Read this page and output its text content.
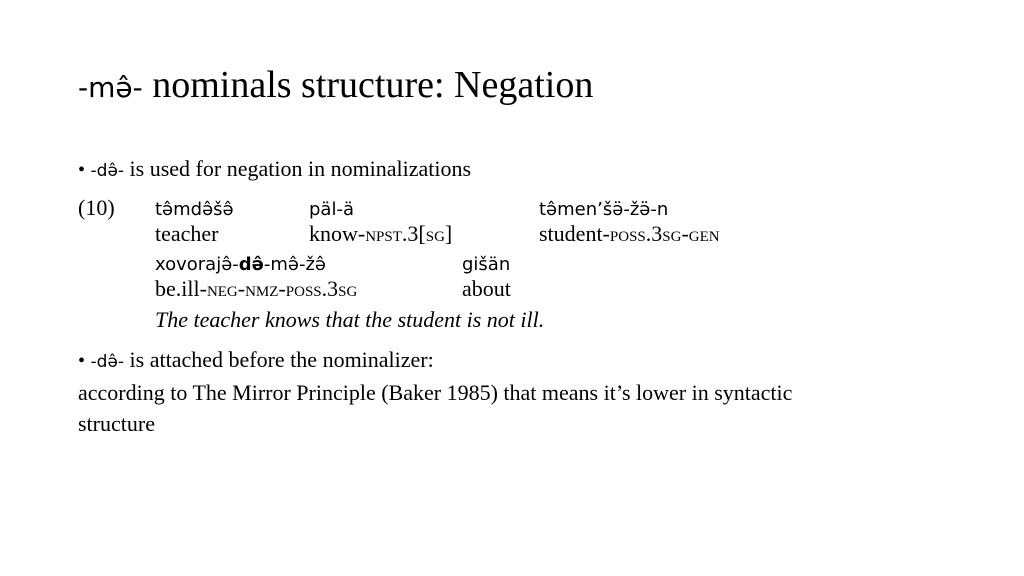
-mə̂- nominals structure: Negation
• -də̂- is used for negation in nominalizations
(10) tə̂mdə̂šə̂	päl-ä	tə̂men’šə̈-žə̈-n
teacher	know-npst.3[sg]	student-poss.3sg-gen
xovorajə̂-də̂-mə̂-žə̂	gišän
be.ill-neg-nmz-poss.3sg	about
The teacher knows that the student is not ill.
• -də̂- is attached before the nominalizer:
according to The Mirror Principle (Baker 1985) that means it’s lower in syntactic
structure
